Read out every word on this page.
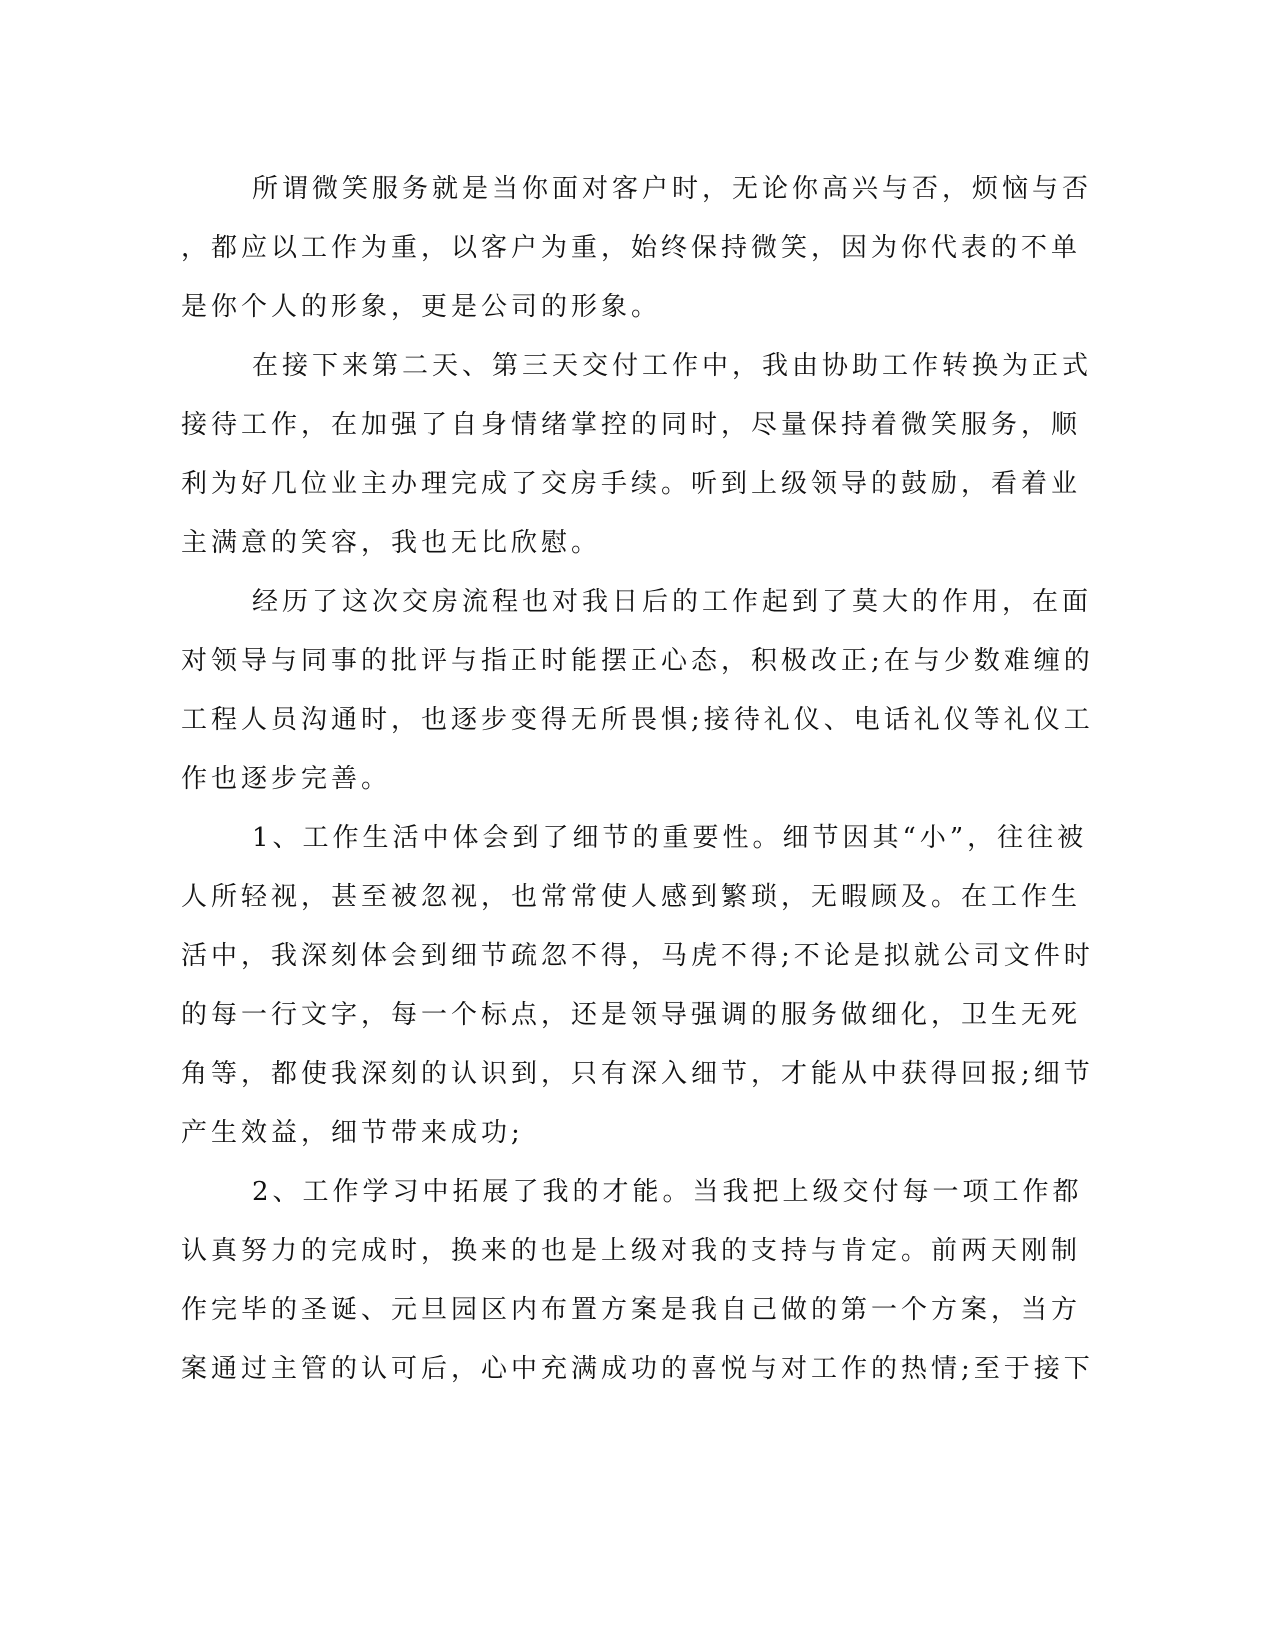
所谓微笑服务就是当你面对客户时，无论你高兴与否，烦恼与否
，都应以工作为重，以客户为重，始终保持微笑，因为你代表的不单
是你个人的形象，更是公司的形象。
在接下来第二天、第三天交付工作中，我由协助工作转换为正式
接待工作，在加强了自身情绪掌控的同时，尽量保持着微笑服务，顺
利为好几位业主办理完成了交房手续。听到上级领导的鼓励，看着业
主满意的笑容，我也无比欣慰。
经历了这次交房流程也对我日后的工作起到了莫大的作用，在面
对领导与同事的批评与指正时能摆正心态，积极改正;在与少数难缠的
工程人员沟通时，也逐步变得无所畏惧;接待礼仪、电话礼仪等礼仪工
作也逐步完善。
1、工作生活中体会到了细节的重要性。细节因其“小”，往往被
人所轻视，甚至被忽视，也常常使人感到繁琐，无暇顾及。在工作生
活中，我深刻体会到细节疏忽不得，马虎不得;不论是拟就公司文件时
的每一行文字，每一个标点，还是领导强调的服务做细化，卫生无死
角等，都使我深刻的认识到，只有深入细节，才能从中获得回报;细节
产生效益，细节带来成功;
2、工作学习中拓展了我的才能。当我把上级交付每一项工作都
认真努力的完成时，换来的也是上级对我的支持与肯定。前两天刚制
作完毕的圣诞、元旦园区内布置方案是我自己做的第一个方案，当方
案通过主管的认可后，心中充满成功的喜悦与对工作的热情;至于接下
